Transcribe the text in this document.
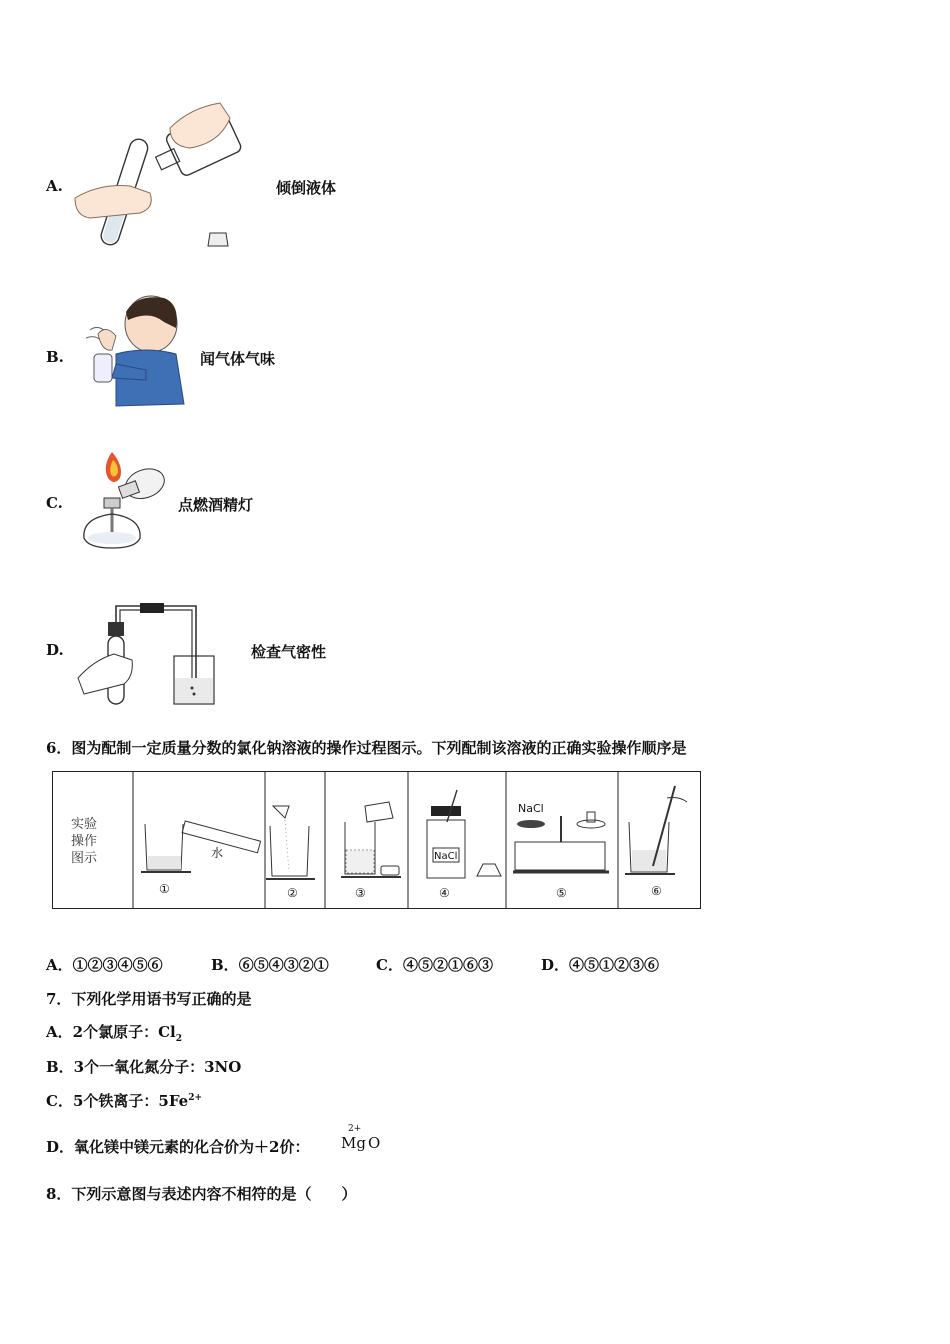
A.	倾倒液体
B.	闻气体气味
C.	点燃酒精灯
D.	检查气密性
6．图为配制一定质量分数的氯化钠溶液的操作过程图示。下列配制该溶液的正确实验操作顺序是
实验
操作
图示	水
NaCl
NaCl
①	②	③	④	⑤	⑥
A．①②③④⑤⑥	B．⑥⑤④③②①	C．④⑤②①⑥③	D．④⑤①②③⑥
7．下列化学用语书写正确的是
A．2个氯原子：$Cl_2$
B．3个一氧化氮分子：3NO
C．5个铁离子：$5Fe^{2+}$
D．氧化镁中镁元素的化合价为＋2价：
2+
Mg O
8．下列示意图与表述内容不相符的是（　　）
